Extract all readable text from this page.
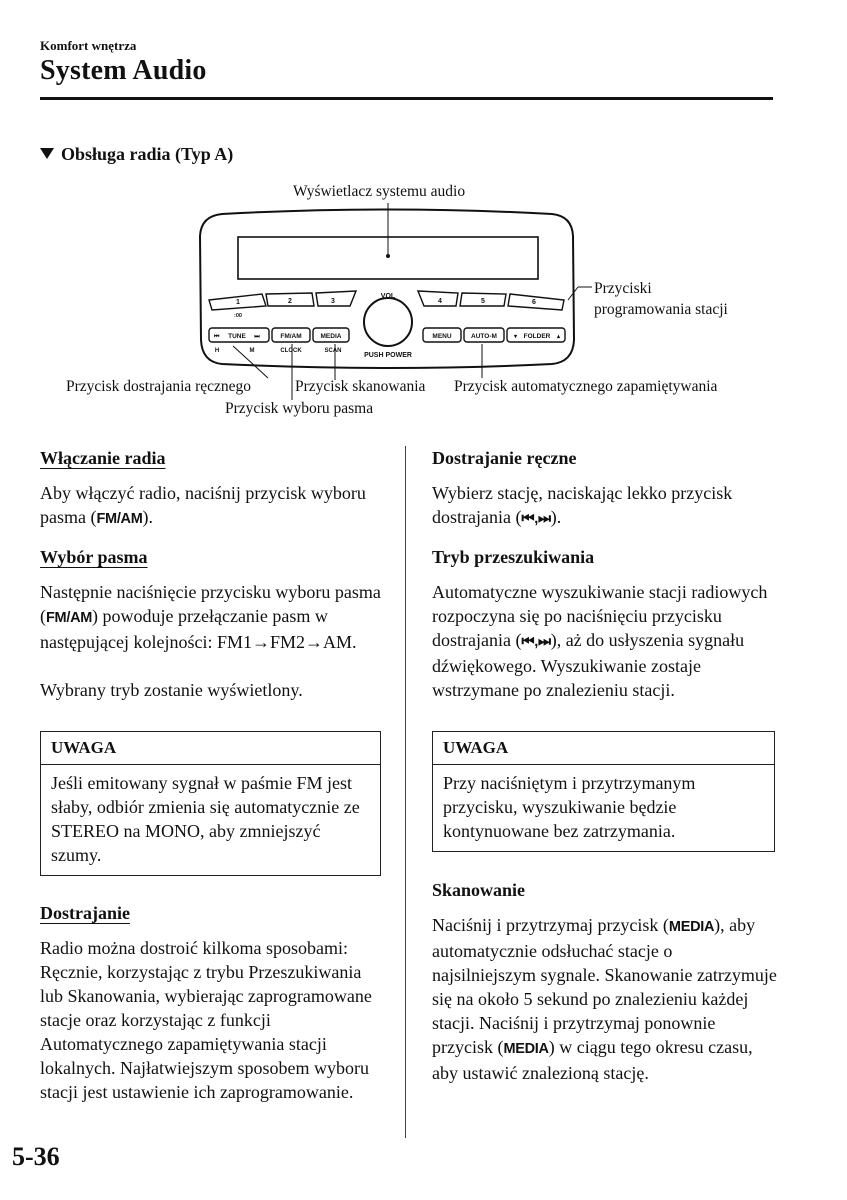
Komfort wnętrza
System Audio
Obsługa radia (Typ A)
Wyświetlacz systemu audio
Przyciski
programowania stacji
Przycisk dostrajania ręcznego	Przycisk skanowania Przycisk automatycznego zapamiętywania
Przycisk wyboru pasma
VOL
PUSH POWER
1
:00
2	3	4	5	6
⏮ TUNE ⏭
H	M
FM/AM
CLOCK
MEDIA
SCAN
MENU	AUTO-M	▾ FOLDER ▴

Włączanie radia

Aby włączyć radio, naciśnij przycisk wyboru pasma (FM/AM).

Wybór pasma

Następnie naciśnięcie przycisku wyboru pasma (FM/AM) powoduje przełączanie pasm w następującej kolejności: FM1→FM2→AM.

Wybrany tryb zostanie wyświetlony.

UWAGA
Jeśli emitowany sygnał w paśmie FM jest słaby, odbiór zmienia się automatycznie ze STEREO na MONO, aby zmniejszyć szumy.

Dostrajanie

Radio można dostroić kilkoma sposobami: Ręcznie, korzystając z trybu Przeszukiwania lub Skanowania, wybierając zaprogramowane stacje oraz korzystając z funkcji Automatycznego zapamiętywania stacji lokalnych. Najłatwiejszym sposobem wyboru stacji jest ustawienie ich zaprogramowanie.

Dostrajanie ręczne

Wybierz stację, naciskając lekko przycisk dostrajania (⏮,⏭).

Tryb przeszukiwania

Automatyczne wyszukiwanie stacji radiowych rozpoczyna się po naciśnięciu przycisku dostrajania (⏮,⏭), aż do usłyszenia sygnału dźwiękowego. Wyszukiwanie zostaje wstrzymane po znalezieniu stacji.

UWAGA
Przy naciśniętym i przytrzymanym przycisku, wyszukiwanie będzie kontynuowane bez zatrzymania.

Skanowanie

Naciśnij i przytrzymaj przycisk (MEDIA), aby automatycznie odsłuchać stacje o najsilniejszym sygnale. Skanowanie zatrzymuje się na około 5 sekund po znalezieniu każdej stacji. Naciśnij i przytrzymaj ponownie przycisk (MEDIA) w ciągu tego okresu czasu, aby ustawić znalezioną stację.

5-36
